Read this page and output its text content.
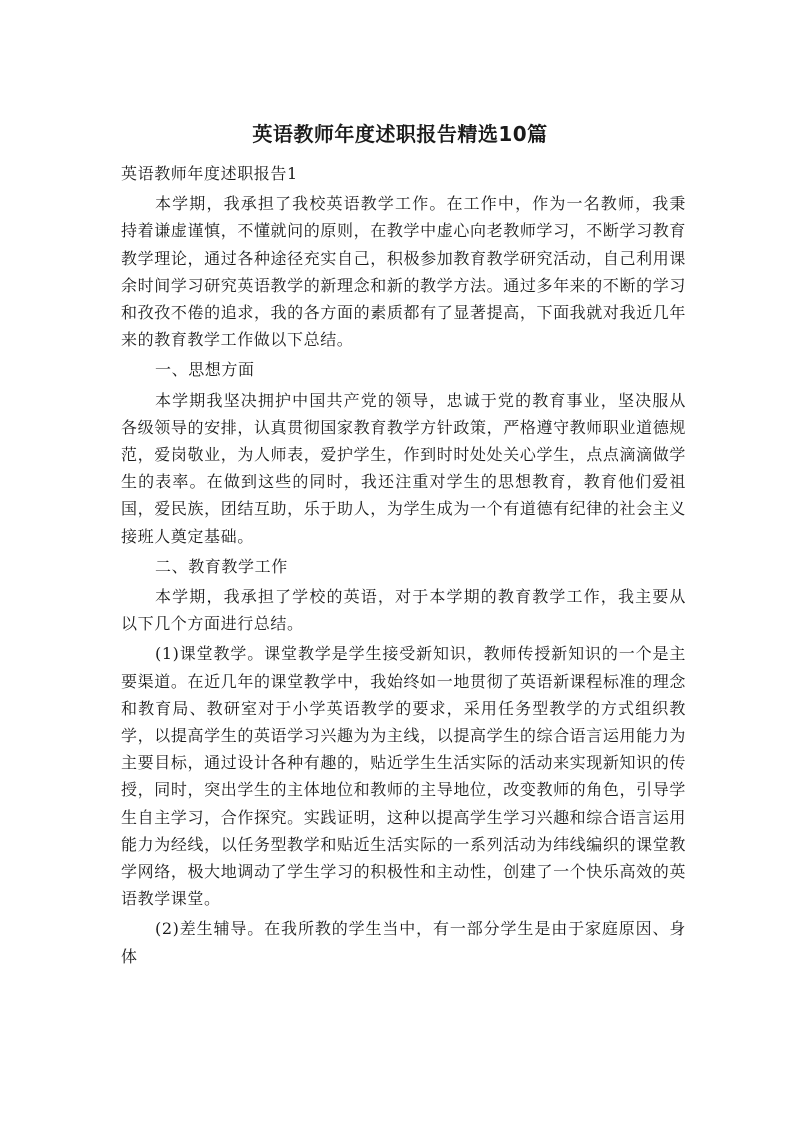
英语教师年度述职报告精选10篇

英语教师年度述职报告1

本学期，我承担了我校英语教学工作。在工作中，作为一名教师，我秉持着谦虚谨慎，不懂就问的原则，在教学中虚心向老教师学习，不断学习教育教学理论，通过各种途径充实自己，积极参加教育教学研究活动，自己利用课余时间学习研究英语教学的新理念和新的教学方法。通过多年来的不断的学习和孜孜不倦的追求，我的各方面的素质都有了显著提高，下面我就对我近几年来的教育教学工作做以下总结。

一、思想方面

本学期我坚决拥护中国共产党的领导，忠诚于党的教育事业，坚决服从各级领导的安排，认真贯彻国家教育教学方针政策，严格遵守教师职业道德规范，爱岗敬业，为人师表，爱护学生，作到时时处处关心学生，点点滴滴做学生的表率。在做到这些的同时，我还注重对学生的思想教育，教育他们爱祖国，爱民族，团结互助，乐于助人，为学生成为一个有道德有纪律的社会主义接班人奠定基础。

二、教育教学工作

本学期，我承担了学校的英语，对于本学期的教育教学工作，我主要从以下几个方面进行总结。

(1)课堂教学。课堂教学是学生接受新知识，教师传授新知识的一个是主要渠道。在近几年的课堂教学中，我始终如一地贯彻了英语新课程标准的理念和教育局、教研室对于小学英语教学的要求，采用任务型教学的方式组织教学，以提高学生的英语学习兴趣为为主线，以提高学生的综合语言运用能力为主要目标，通过设计各种有趣的，贴近学生生活实际的活动来实现新知识的传授，同时，突出学生的主体地位和教师的主导地位，改变教师的角色，引导学生自主学习，合作探究。实践证明，这种以提高学生学习兴趣和综合语言运用能力为经线，以任务型教学和贴近生活实际的一系列活动为纬线编织的课堂教学网络，极大地调动了学生学习的积极性和主动性，创建了一个快乐高效的英语教学课堂。

(2)差生辅导。在我所教的学生当中，有一部分学生是由于家庭原因、身体
